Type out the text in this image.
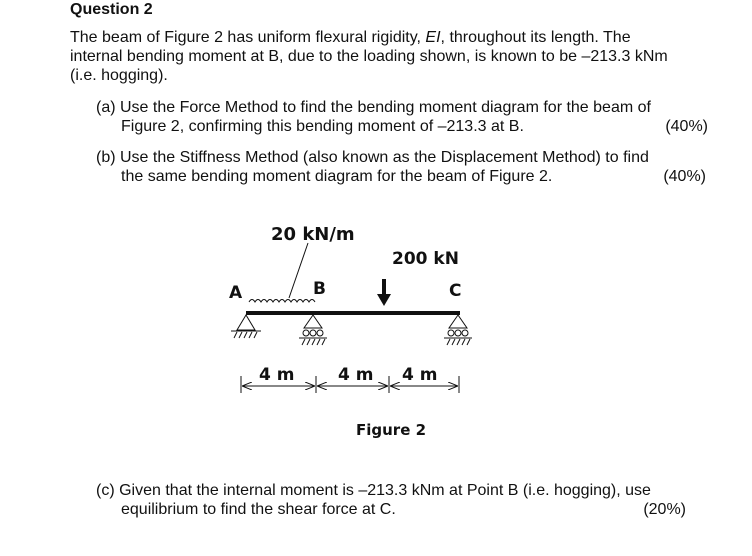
Question 2
The beam of Figure 2 has uniform flexural rigidity, EI, throughout its length. The
internal bending moment at B, due to the loading shown, is known to be –213.3 kNm
(i.e. hogging).
(a) Use the Force Method to find the bending moment diagram for the beam of
Figure 2, confirming this bending moment of –213.3 at B.	(40%)
(b) Use the Stiffness Method (also known as the Displacement Method) to find
the same bending moment diagram for the beam of Figure 2.	(40%)
20 kN/m
200 kN
A	B	C
4 m	4 m 4 m
Figure 2
(c) Given that the internal moment is –213.3 kNm at Point B (i.e. hogging), use
equilibrium to find the shear force at C.	(20%)
